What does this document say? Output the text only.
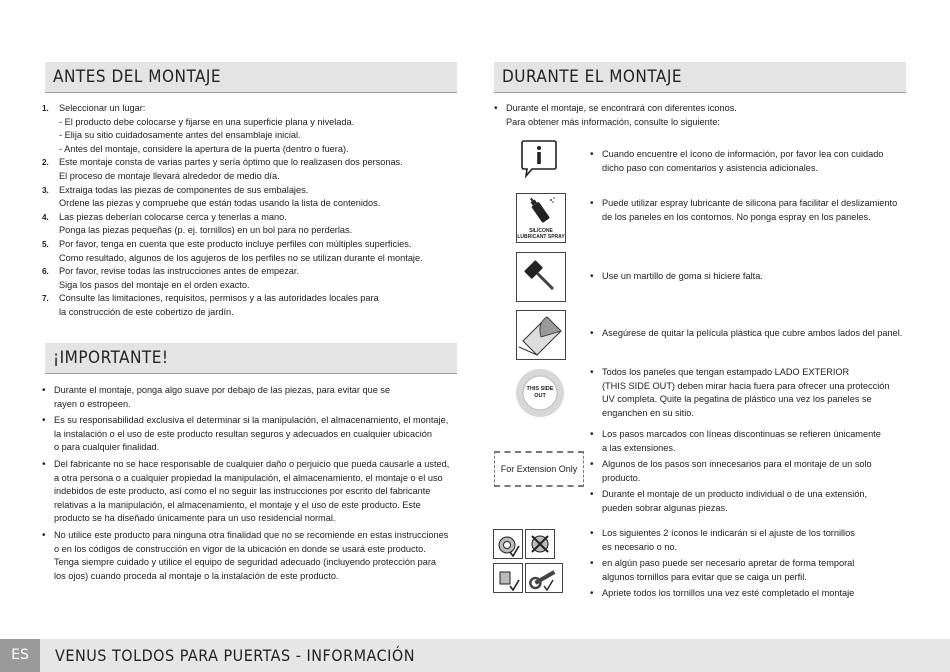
ANTES DEL MONTAJE
1. Seleccionar un lugar:
- El producto debe colocarse y fijarse en una superficie plana y nivelada.
- Elija su sitio cuidadosamente antes del ensamblaje inicial.
- Antes del montaje, considere la apertura de la puerta (dentro o fuera).
2. Este montaje consta de varias partes y sería óptimo que lo realizasen dos personas.
El proceso de montaje llevará alrededor de medio día.
3. Extraiga todas las piezas de componentes de sus embalajes.
Ordene las piezas y compruebe que están todas usando la lista de contenidos.
4. Las piezas deberían colocarse cerca y tenerlas a mano.
Ponga las piezas pequeñas (p. ej. tornillos) en un bol para no perderlas.
5. Por favor, tenga en cuenta que este producto incluye perfiles con múltiples superficies.
Como resultado, algunos de los agujeros de los perfiles no se utilizan durante el montaje.
6. Por favor, revise todas las instrucciones antes de empezar.
Siga los pasos del montaje en el orden exacto.
7. Consulte las limitaciones, requisitos, permisos y a las autoridades locales para
la construcción de este cobertizo de jardín.
¡IMPORTANTE!
• Durante el montaje, ponga algo suave por debajo de las piezas, para evitar que se
rayen o estropeen.
• Es su responsabilidad exclusiva el determinar si la manipulación, el almacenamiento, el montaje,
la instalación o el uso de este producto resultan seguros y adecuados en cualquier ubicación
o para cualquier finalidad.
• Del fabricante no se hace responsable de cualquier daño o perjuicio que pueda causarle a usted,
a otra persona o a cualquier propiedad la manipulación, el almacenamiento, el montaje o el uso
indebidos de este producto, así como el no seguir las instrucciones por escrito del fabricante
relativas a la manipulación, el almacenamiento, el montaje y el uso de este producto. Este
producto se ha diseñado únicamente para un uso residencial normal.
• No utilice este producto para ninguna otra finalidad que no se recomiende en estas instrucciones
o en los códigos de construcción en vigor de la ubicación en donde se usará este producto.
Tenga siempre cuidado y utilice el equipo de seguridad adecuado (incluyendo protección para
los ojos) cuando proceda al montaje o la instalación de este producto.
DURANTE EL MONTAJE
• Durante el montaje, se encontrará con diferentes iconos.
Para obtener más información, consulte lo siguiente:
• Cuando encuentre el ícono de información, por favor lea con cuidado
dicho paso con comentarios y asistencia adicionales.
SILICONE
LUBRICANT SPRAY
• Puede utilizar espray lubricante de silicona para facilitar el deslizamiento
de los paneles en los contornos. No ponga espray en los paneles.
• Use un martillo de goma si hiciere falta.
• Asegúrese de quitar la película plástica que cubre ambos lados del panel.
THIS SIDE
OUT
• Todos los paneles que tengan estampado LADO EXTERIOR
(THIS SIDE OUT) deben mirar hacia fuera para ofrecer una protección
UV completa. Quite la pegatina de plástico una vez los paneles se
enganchen en su sitio.
For Extension Only
• Los pasos marcados con líneas discontinuas se refieren únicamente
a las extensiones.
• Algunos de los pasos son innecesarios para el montaje de un solo
producto.
• Durante el montaje de un producto individual o de una extensión,
pueden sobrar algunas piezas.
• Los siguientes 2 íconos le indicarán si el ajuste de los tornillos
es necesario o no.
• en algún paso puede ser necesario apretar de forma temporal
algunos tornillos para evitar que se caiga un perfil.
• Apriete todos los tornillos una vez esté completado el montaje
ES	VENUS TOLDOS PARA PUERTAS - INFORMACIÓN
